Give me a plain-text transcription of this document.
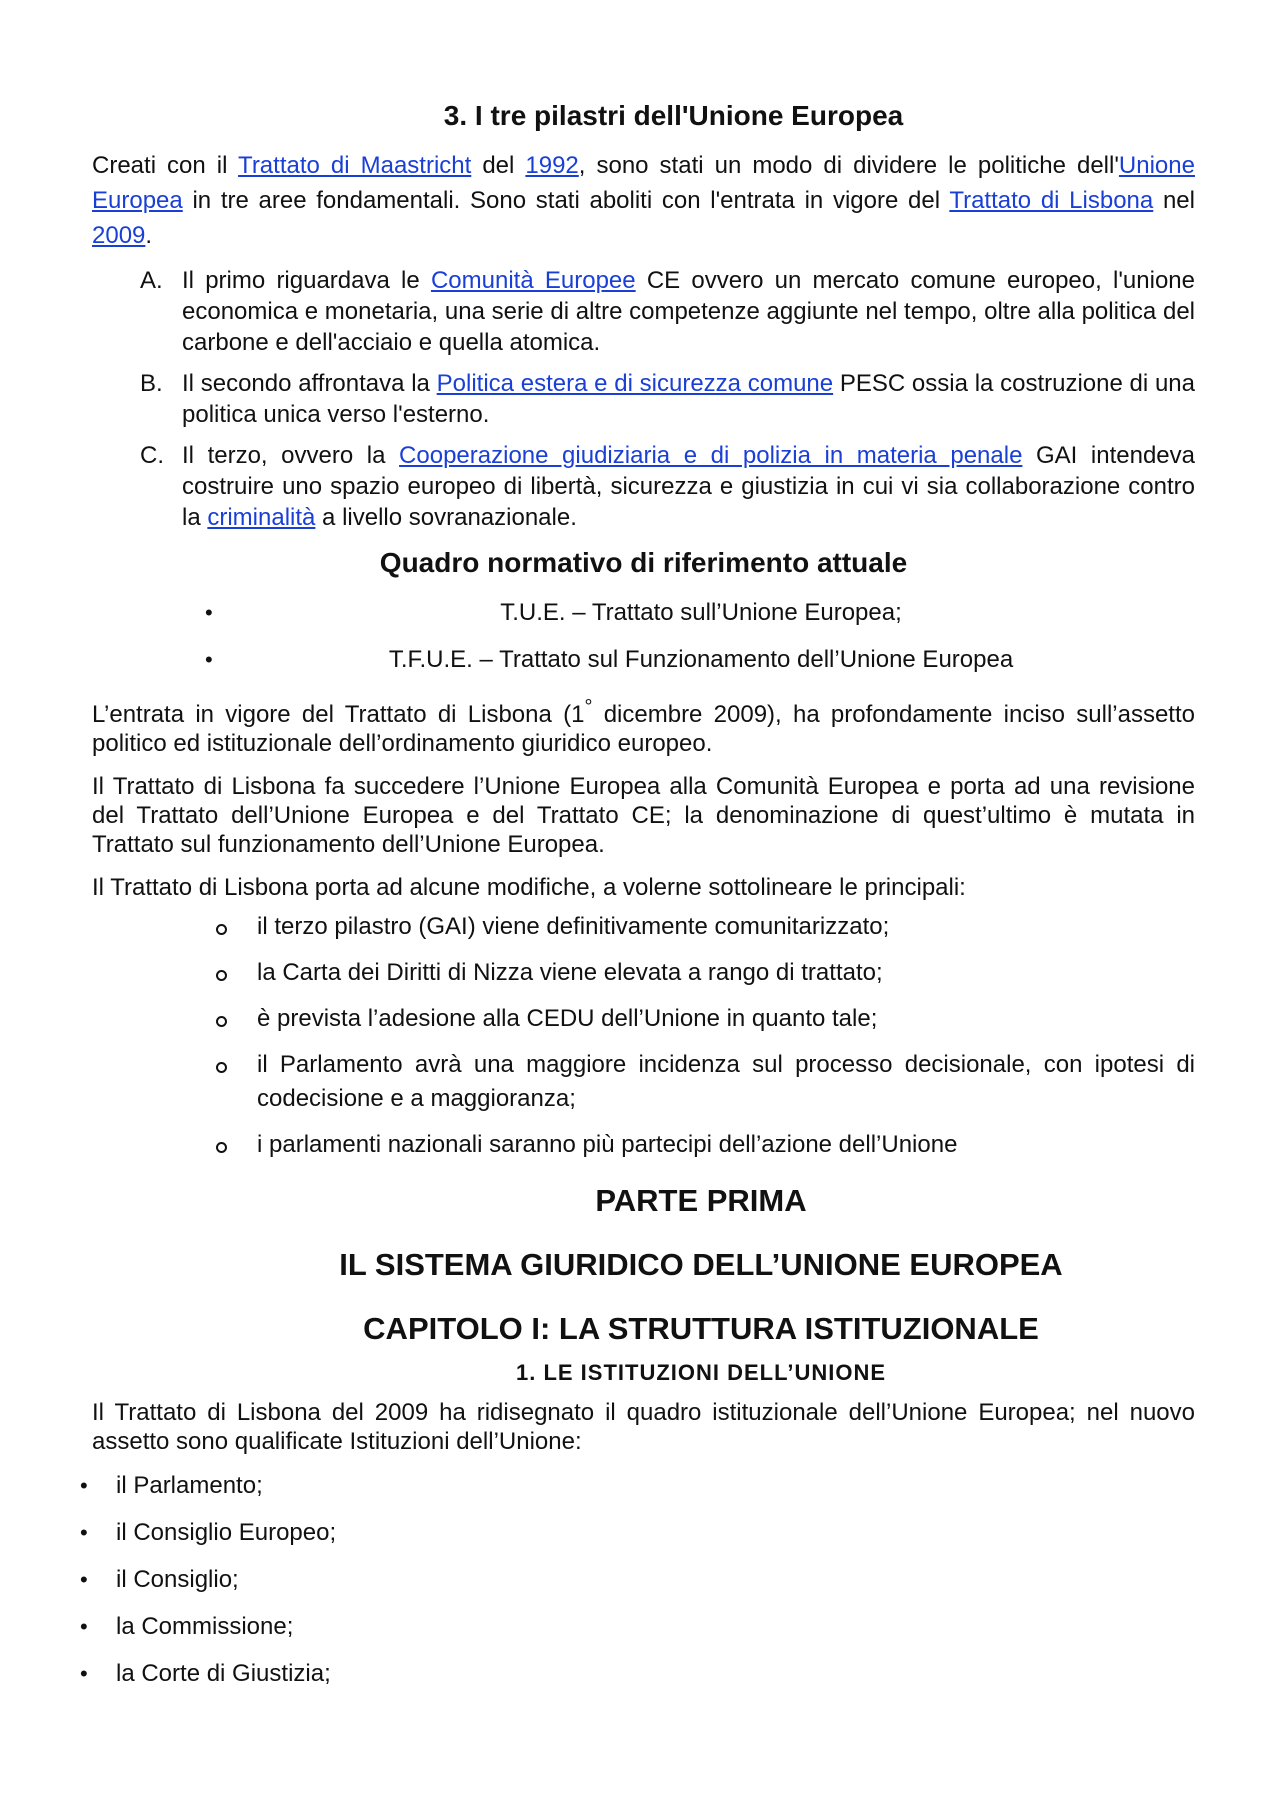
3. I tre pilastri dell'Unione Europea

Creati con il Trattato di Maastricht del 1992, sono stati un modo di dividere le politiche dell'Unione Europea in tre aree fondamentali. Sono stati aboliti con l'entrata in vigore del Trattato di Lisbona nel 2009.

A. Il primo riguardava le Comunità Europee CE ovvero un mercato comune europeo, l'unione economica e monetaria, una serie di altre competenze aggiunte nel tempo, oltre alla politica del carbone e dell'acciaio e quella atomica.
B. Il secondo affrontava la Politica estera e di sicurezza comune PESC ossia la costruzione di una politica unica verso l'esterno.
C. Il terzo, ovvero la Cooperazione giudiziaria e di polizia in materia penale GAI intendeva costruire uno spazio europeo di libertà, sicurezza e giustizia in cui vi sia collaborazione contro la criminalità a livello sovranazionale.
Quadro normativo di riferimento attuale
•	T.U.E. – Trattato sull’Unione Europea;
•	T.F.U.E. – Trattato sul Funzionamento dell’Unione Europea

L’entrata in vigore del Trattato di Lisbona (1° dicembre 2009), ha profondamente inciso sull’assetto politico ed istituzionale dell’ordinamento giuridico europeo.

Il Trattato di Lisbona fa succedere l’Unione Europea alla Comunità Europea e porta ad una revisione del Trattato dell’Unione Europea e del Trattato CE; la denominazione di quest’ultimo è mutata in Trattato sul funzionamento dell’Unione Europea.

Il Trattato di Lisbona porta ad alcune modifiche, a volerne sottolineare le principali:

il terzo pilastro (GAI) viene definitivamente comunitarizzato;
la Carta dei Diritti di Nizza viene elevata a rango di trattato;
è prevista l’adesione alla CEDU dell’Unione in quanto tale;
il Parlamento avrà una maggiore incidenza sul processo decisionale, con ipotesi di codecisione e a maggioranza;
i parlamenti nazionali saranno più partecipi dell’azione dell’Unione
PARTE PRIMA
IL SISTEMA GIURIDICO DELL’UNIONE EUROPEA
CAPITOLO I: LA STRUTTURA ISTITUZIONALE
1. LE ISTITUZIONI DELL’UNIONE

Il Trattato di Lisbona del 2009 ha ridisegnato il quadro istituzionale dell’Unione Europea; nel nuovo assetto sono qualificate Istituzioni dell’Unione:

• il Parlamento;
• il Consiglio Europeo;
• il Consiglio;
• la Commissione;
• la Corte di Giustizia;
